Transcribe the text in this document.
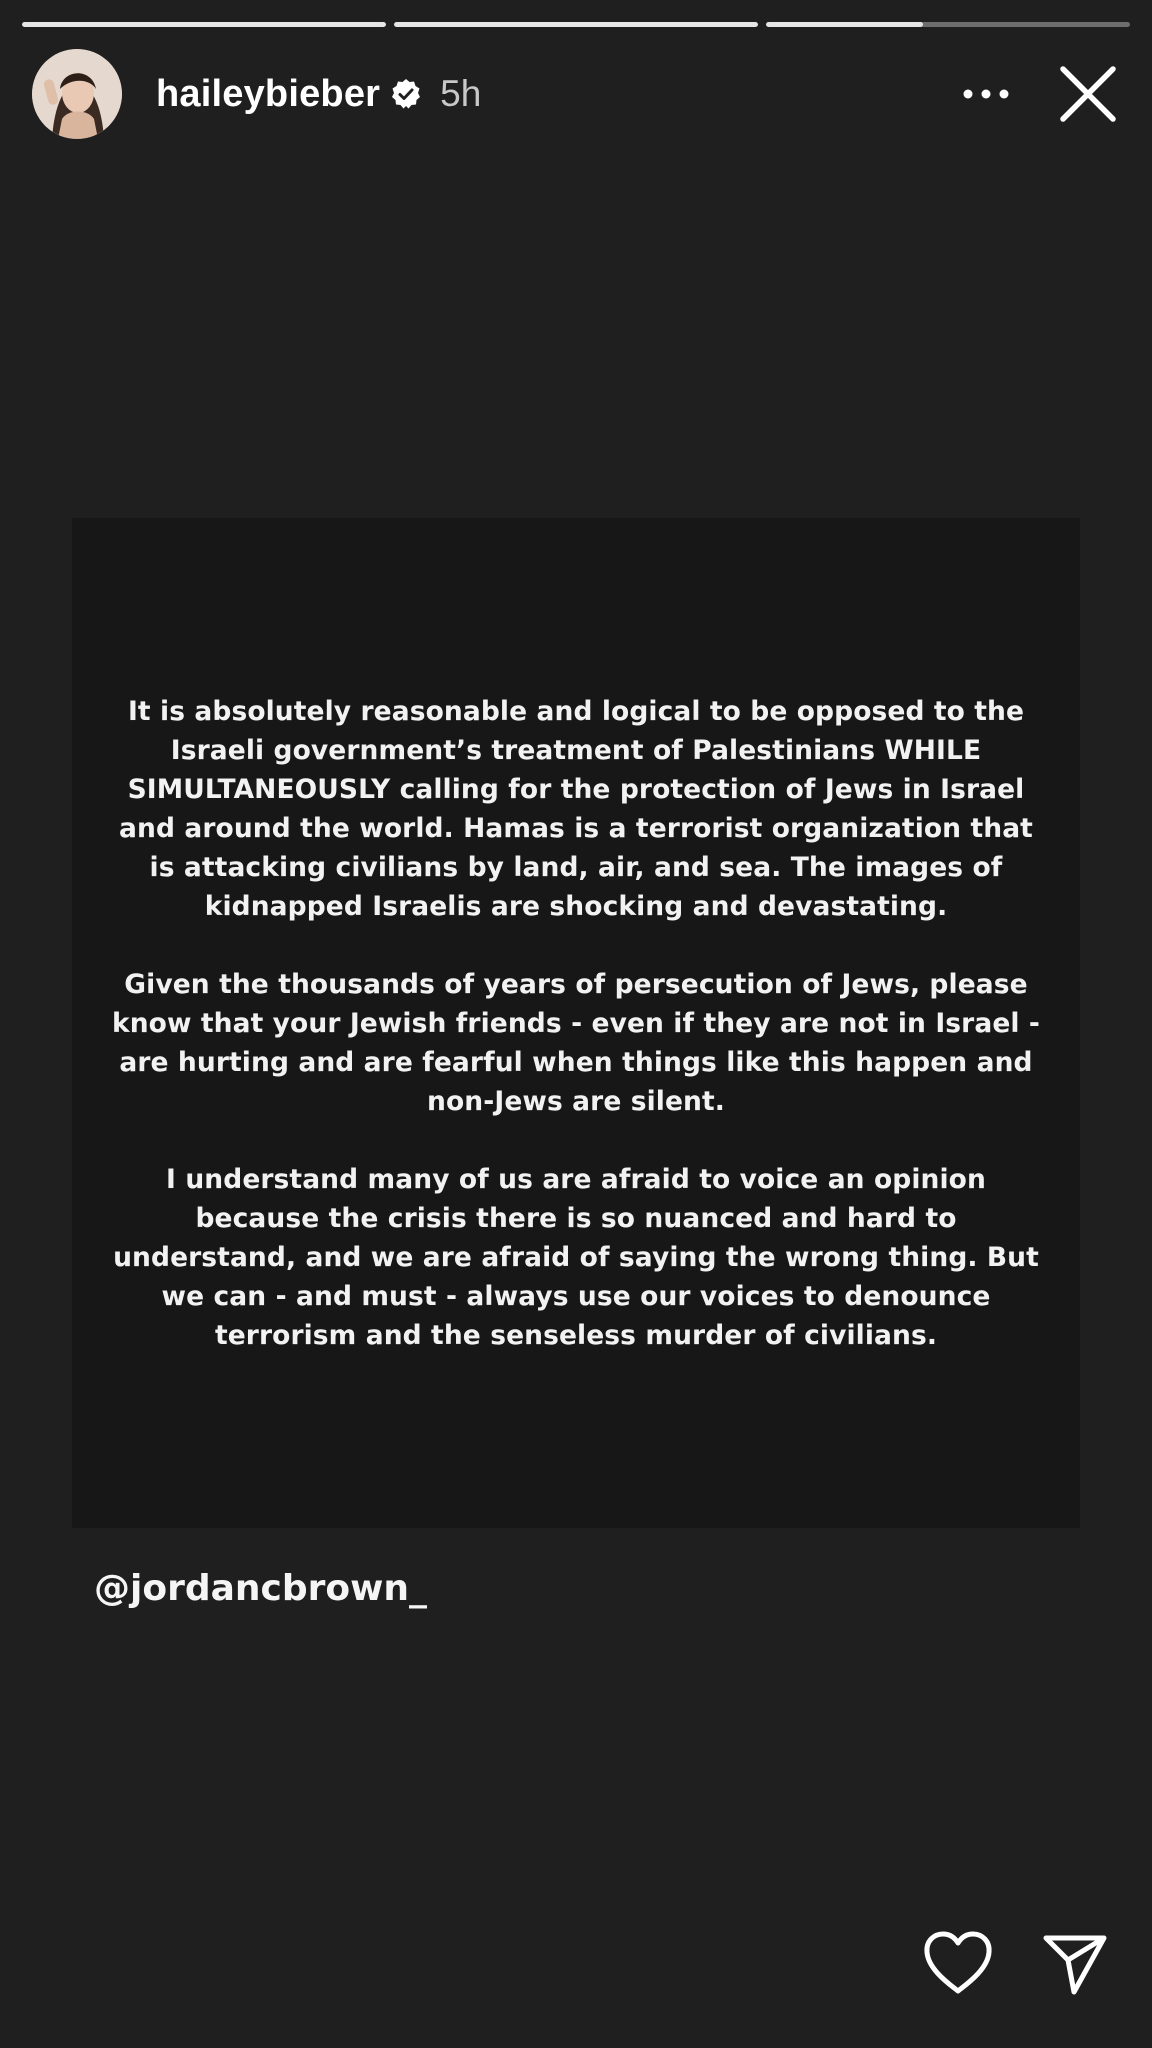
haileybieber 5h

It is absolutely reasonable and logical to be opposed to the Israeli government’s treatment of Palestinians WHILE SIMULTANEOUSLY calling for the protection of Jews in Israel and around the world. Hamas is a terrorist organization that is attacking civilians by land, air, and sea. The images of kidnapped Israelis are shocking and devastating.

Given the thousands of years of persecution of Jews, please know that your Jewish friends - even if they are not in Israel - are hurting and are fearful when things like this happen and non-Jews are silent.

I understand many of us are afraid to voice an opinion because the crisis there is so nuanced and hard to understand, and we are afraid of saying the wrong thing. But we can - and must - always use our voices to denounce terrorism and the senseless murder of civilians.

@jordancbrown_
